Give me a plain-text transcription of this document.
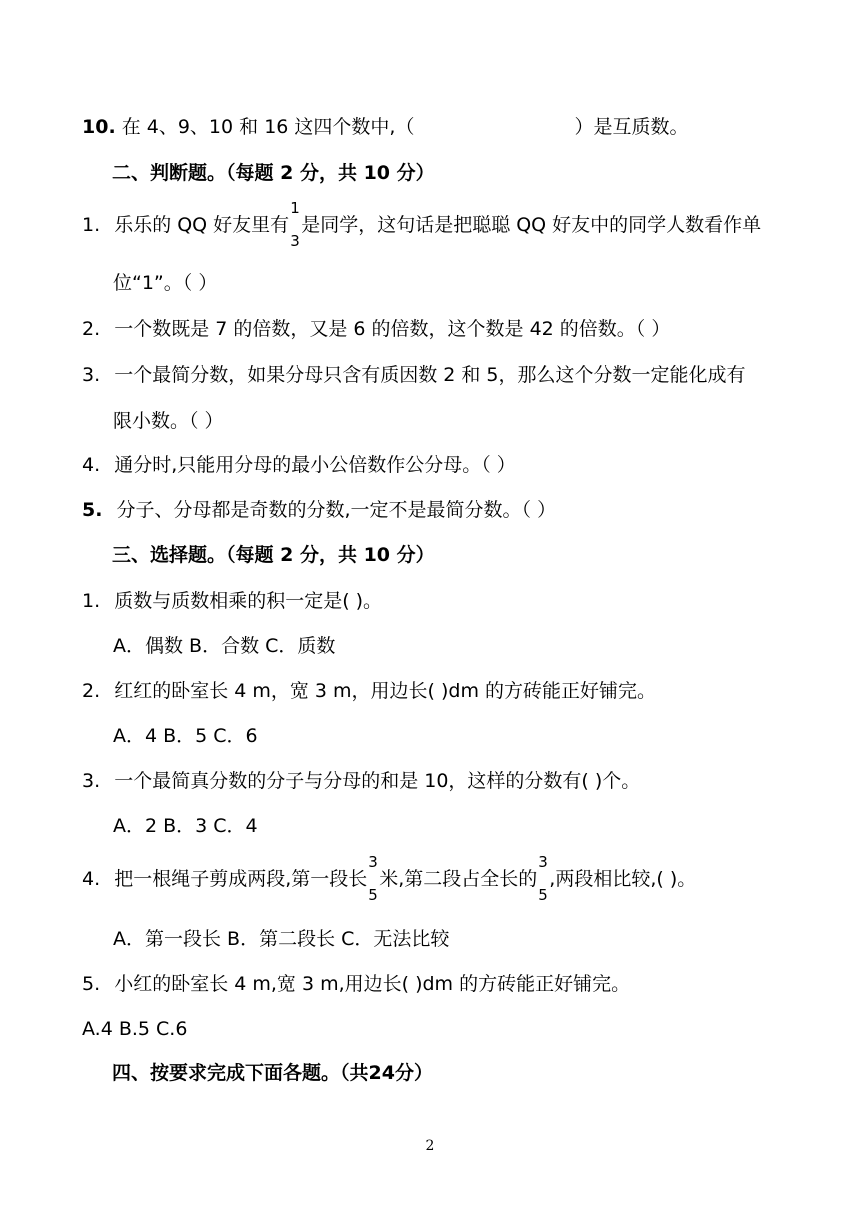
10. 在 4、9、10 和 16 这四个数中,（	）是互质数。
二、判断题。（每题 2 分，共 10 分）
1. 乐乐的 QQ 好友里有
1
3
是同学，这句话是把聪聪 QQ 好友中的同学人数看作单
位“1”。（ ）
2. 一个数既是 7 的倍数，又是 6 的倍数，这个数是 42 的倍数。（ ）
3. 一个最简分数，如果分母只含有质因数 2 和 5，那么这个分数一定能化成有
限小数。（ ）
4. 通分时,只能用分母的最小公倍数作公分母。（ ）
5. 分子、分母都是奇数的分数,一定不是最简分数。（ ）
三、选择题。（每题 2 分，共 10 分）
1. 质数与质数相乘的积一定是( )。
A．偶数 B．合数 C．质数
2. 红红的卧室长 4 m，宽 3 m，用边长( )dm 的方砖能正好铺完。
A．4 B．5 C．6
3. 一个最简真分数的分子与分母的和是 10，这样的分数有( )个。
A．2 B．3 C．4
4. 把一根绳子剪成两段,第一段长
3
5
米,第二段占全长的
3
5
,两段相比较,( )。
A．第一段长 B．第二段长 C．无法比较
5. 小红的卧室长 4 m,宽 3 m,用边长( )dm 的方砖能正好铺完。
A.4 B.5 C.6
四、按要求完成下面各题。（共24分）
2
